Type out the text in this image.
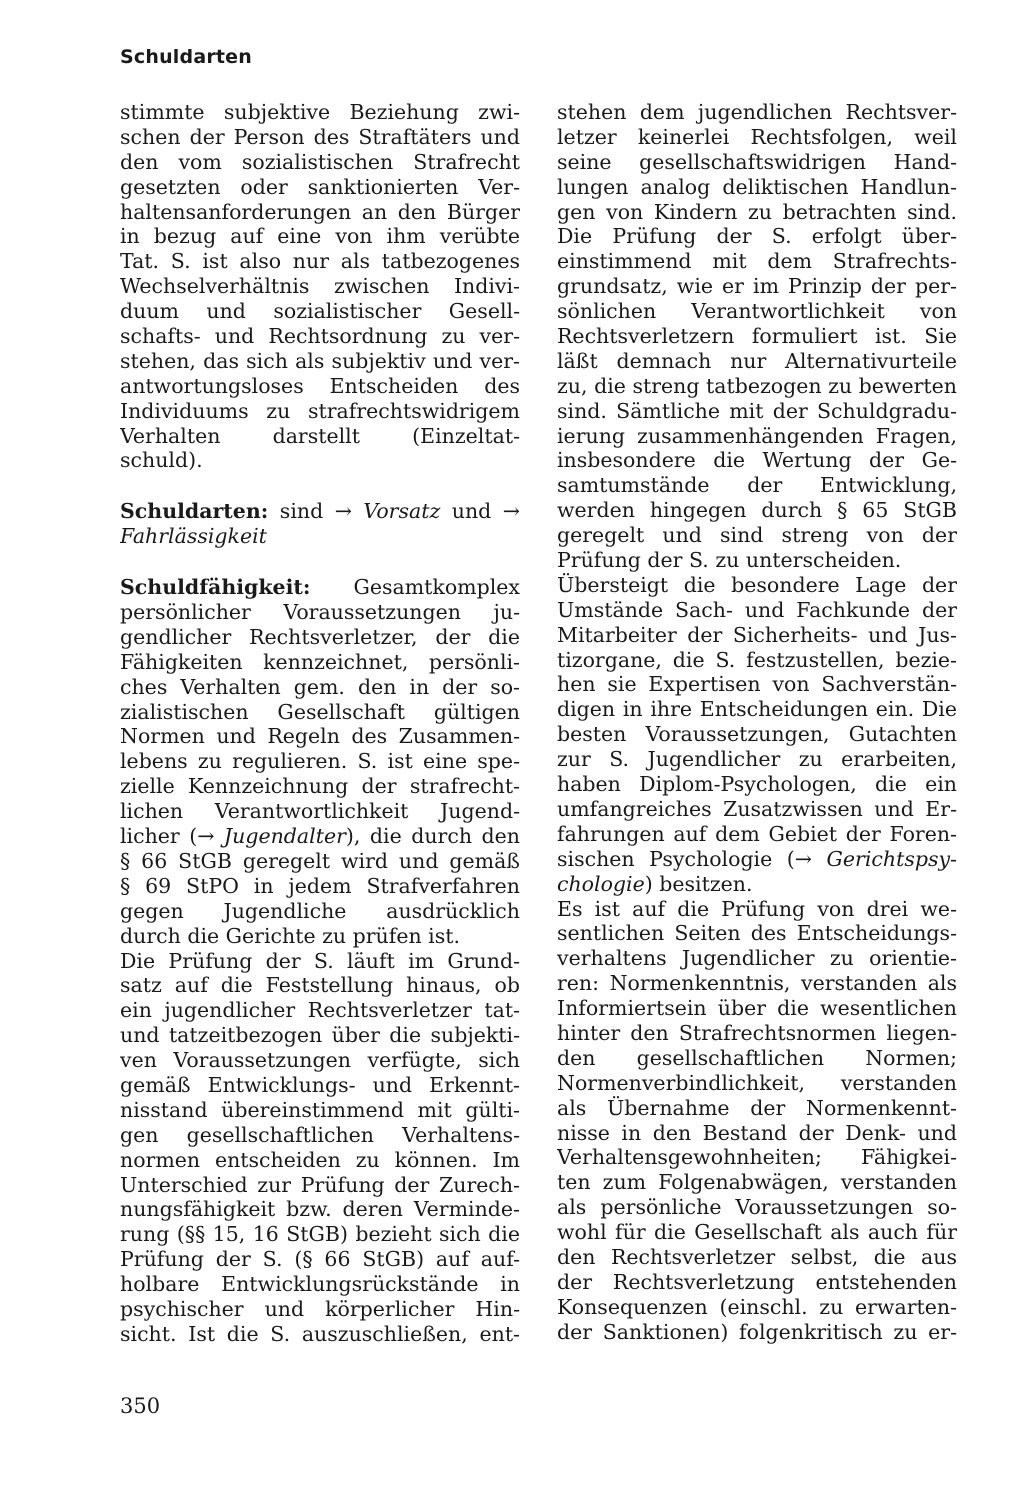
Schuldarten
stimmte subjektive Beziehung zwi-
schen der Person des Straftäters und
den vom sozialistischen Strafrecht
gesetzten oder sanktionierten Ver-
haltensanforderungen an den Bürger
in bezug auf eine von ihm verübte
Tat. S. ist also nur als tatbezogenes
Wechselverhältnis zwischen Indivi-
duum und sozialistischer Gesell-
schafts- und Rechtsordnung zu ver-
stehen, das sich als subjektiv und ver-
antwortungsloses Entscheiden des
Individuums zu strafrechtswidrigem
Verhalten darstellt (Einzeltat-
schuld).
Schuldarten: sind → Vorsatz und →
Fahrlässigkeit
Schuldfähigkeit: Gesamtkomplex
persönlicher Voraussetzungen ju-
gendlicher Rechtsverletzer, der die
Fähigkeiten kennzeichnet, persönli-
ches Verhalten gem. den in der so-
zialistischen Gesellschaft gültigen
Normen und Regeln des Zusammen-
lebens zu regulieren. S. ist eine spe-
zielle Kennzeichnung der strafrecht-
lichen Verantwortlichkeit Jugend-
licher (→ Jugendalter), die durch den
§ 66 StGB geregelt wird und gemäß
§ 69 StPO in jedem Strafverfahren
gegen Jugendliche ausdrücklich
durch die Gerichte zu prüfen ist.
Die Prüfung der S. läuft im Grund-
satz auf die Feststellung hinaus, ob
ein jugendlicher Rechtsverletzer tat-
und tatzeitbezogen über die subjekti-
ven Voraussetzungen verfügte, sich
gemäß Entwicklungs- und Erkennt-
nisstand übereinstimmend mit gülti-
gen gesellschaftlichen Verhaltens-
normen entscheiden zu können. Im
Unterschied zur Prüfung der Zurech-
nungsfähigkeit bzw. deren Verminde-
rung (§§ 15, 16 StGB) bezieht sich die
Prüfung der S. (§ 66 StGB) auf auf-
holbare Entwicklungsrückstände in
psychischer und körperlicher Hin-
sicht. Ist die S. auszuschließen, ent-
stehen dem jugendlichen Rechtsver-
letzer keinerlei Rechtsfolgen, weil
seine gesellschaftswidrigen Hand-
lungen analog deliktischen Handlun-
gen von Kindern zu betrachten sind.
Die Prüfung der S. erfolgt über-
einstimmend mit dem Strafrechts-
grundsatz, wie er im Prinzip der per-
sönlichen Verantwortlichkeit von
Rechtsverletzern formuliert ist. Sie
läßt demnach nur Alternativurteile
zu, die streng tatbezogen zu bewerten
sind. Sämtliche mit der Schuldgradu-
ierung zusammenhängenden Fragen,
insbesondere die Wertung der Ge-
samtumstände der Entwicklung,
werden hingegen durch § 65 StGB
geregelt und sind streng von der
Prüfung der S. zu unterscheiden.
Übersteigt die besondere Lage der
Umstände Sach- und Fachkunde der
Mitarbeiter der Sicherheits- und Jus-
tizorgane, die S. festzustellen, bezie-
hen sie Expertisen von Sachverstän-
digen in ihre Entscheidungen ein. Die
besten Voraussetzungen, Gutachten
zur S. Jugendlicher zu erarbeiten,
haben Diplom-Psychologen, die ein
umfangreiches Zusatzwissen und Er-
fahrungen auf dem Gebiet der Foren-
sischen Psychologie (→ Gerichtspsy-
chologie) besitzen.
Es ist auf die Prüfung von drei we-
sentlichen Seiten des Entscheidungs-
verhaltens Jugendlicher zu orientie-
ren: Normenkenntnis, verstanden als
Informiertsein über die wesentlichen
hinter den Strafrechtsnormen liegen-
den gesellschaftlichen Normen;
Normenverbindlichkeit, verstanden
als Übernahme der Normenkennt-
nisse in den Bestand der Denk- und
Verhaltensgewohnheiten; Fähigkei-
ten zum Folgenabwägen, verstanden
als persönliche Voraussetzungen so-
wohl für die Gesellschaft als auch für
den Rechtsverletzer selbst, die aus
der Rechtsverletzung entstehenden
Konsequenzen (einschl. zu erwarten-
der Sanktionen) folgenkritisch zu er-
350
